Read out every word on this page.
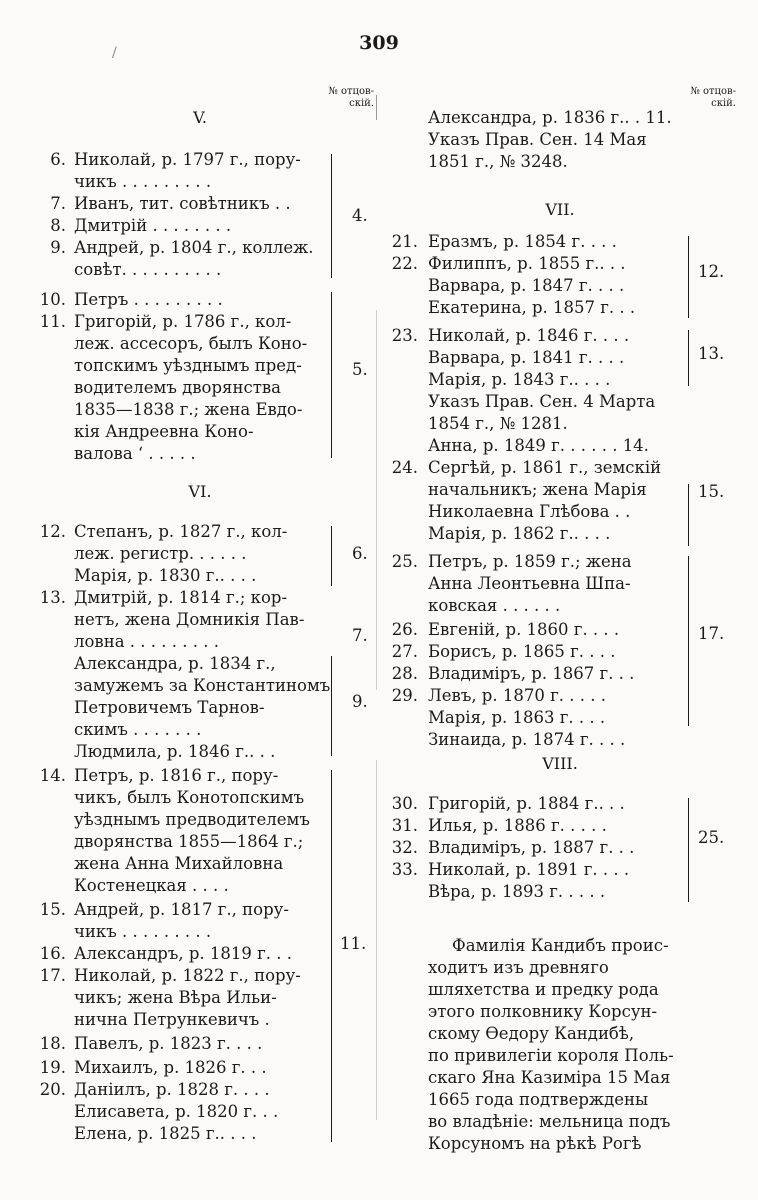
309
/
№ отцов-
скій.
№ отцов-
скій.
6. Николай, р. 1797 г., пору-
чикъ . . . . . . . . .
7. Иванъ, тит. совѣтникъ . .
8. Дмитрій . . . . . . . .
9. Андрей, р. 1804 г., коллеж.
совѣт. . . . . . . . . .
10. Петръ . . . . . . . . .
11. Григорій, р. 1786 г., кол-
леж. ассесоръ, былъ Коно-
топскимъ уѣзднымъ пред-
водителемъ дворянства
1835—1838 г.; жена Евдо-
кія Андреевна Коно-
валова ‘ . . . . .
12. Степанъ, р. 1827 г., кол-
леж. регистр. . . . . .
Марія, р. 1830 г.. . . .
13. Дмитрій, р. 1814 г.; кор-
нетъ, жена Домникія Пав-
ловна . . . . . . . . .
Александра, р. 1834 г.,
замужемъ за Константиномъ
Петровичемъ Тарнов-
скимъ . . . . . . .
Людмила, р. 1846 г.. . .
14. Петръ, р. 1816 г., пору-
чикъ, былъ Конотопскимъ
уѣзднымъ предводителемъ
дворянства 1855—1864 г.;
жена Анна Михайловна
Костенецкая . . . .
15. Андрей, р. 1817 г., пору-
чикъ . . . . . . . . .
16. Александръ, р. 1819 г. . .
17. Николай, р. 1822 г., пору-
чикъ; жена Вѣра Ильи-
нична Петрункевичъ .
18. Павелъ, р. 1823 г. . . .
19. Михаилъ, р. 1826 г. . .
20. Даніилъ, р. 1828 г. . . .
Елисавета, р. 1820 г. . .
Елена, р. 1825 г.. . . .
V.
VI.
Александра, р. 1836 г.. . 11.
Указъ Прав. Сен. 14 Мая
1851 г., № 3248.
21. Еразмъ, р. 1854 г. . . .
22. Филиппъ, р. 1855 г.. . .
Варвара, р. 1847 г. . . .
Екатерина, р. 1857 г. . .
23. Николай, р. 1846 г. . . .
Варвара, р. 1841 г. . . .
Марія, р. 1843 г.. . . .
Указъ Прав. Сен. 4 Марта
1854 г., № 1281.
Анна, р. 1849 г. . . . . . 14.
24. Сергѣй, р. 1861 г., земскій
начальникъ; жена Марія
Николаевна Глѣбова . .
Марія, р. 1862 г.. . . .
25. Петръ, р. 1859 г.; жена
Анна Леонтьевна Шпа-
ковская . . . . . .
26. Евгеній, р. 1860 г. . . .
27. Борисъ, р. 1865 г. . . .
28. Владиміръ, р. 1867 г. . .
29. Левъ, р. 1870 г. . . . .
Марія, р. 1863 г. . . .
Зинаида, р. 1874 г. . . .
30. Григорій, р. 1884 г.. . .
31. Илья, р. 1886 г. . . . .
32. Владиміръ, р. 1887 г. . .
33. Николай, р. 1891 г. . . .
Вѣра, р. 1893 г. . . . .
VII.
VIII.
Фамилія Кандибъ проис-
ходитъ изъ древняго
шляхетства и предку рода
этого полковнику Корсун-
скому Ѳедору Кандибѣ,
по привилегіи короля Поль-
скаго Яна Казиміра 15 Мая
1665 года подтверждены
во владѣніе: мельница подъ
Корсуномъ на рѣкѣ Рогѣ
4.
5.
6.
7.
9.
11.
12.
13.
15.
17.
25.
